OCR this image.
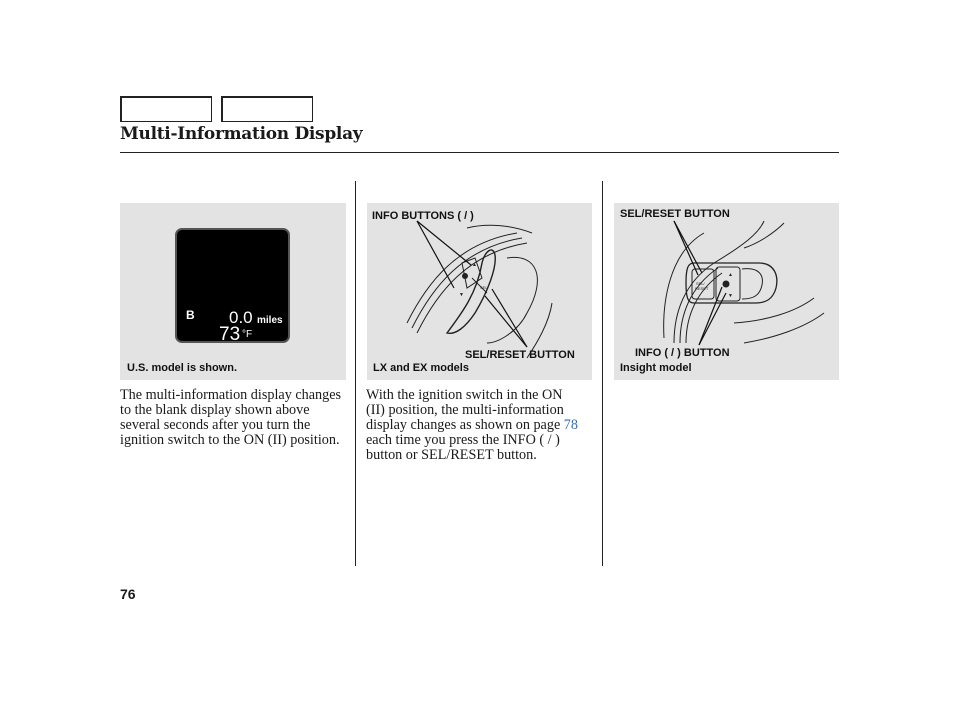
Multi-Information Display
B 0.0 miles
73 °F
U.S. model is shown.
SEL
▲
▼
INFO BUTTONS ( / )
SEL/RESET BUTTON
LX and EX models
SEL/
RESET
▲
▼
SEL/RESET BUTTON
INFO ( / ) BUTTON
Insight model

The multi-information display changes to the blank display shown above several seconds after you turn the ignition switch to the ON (II) position.

With the ignition switch in the ON (II) position, the multi-information display changes as shown on page 78 each time you press the INFO ( / ) button or SEL/RESET button.

76
